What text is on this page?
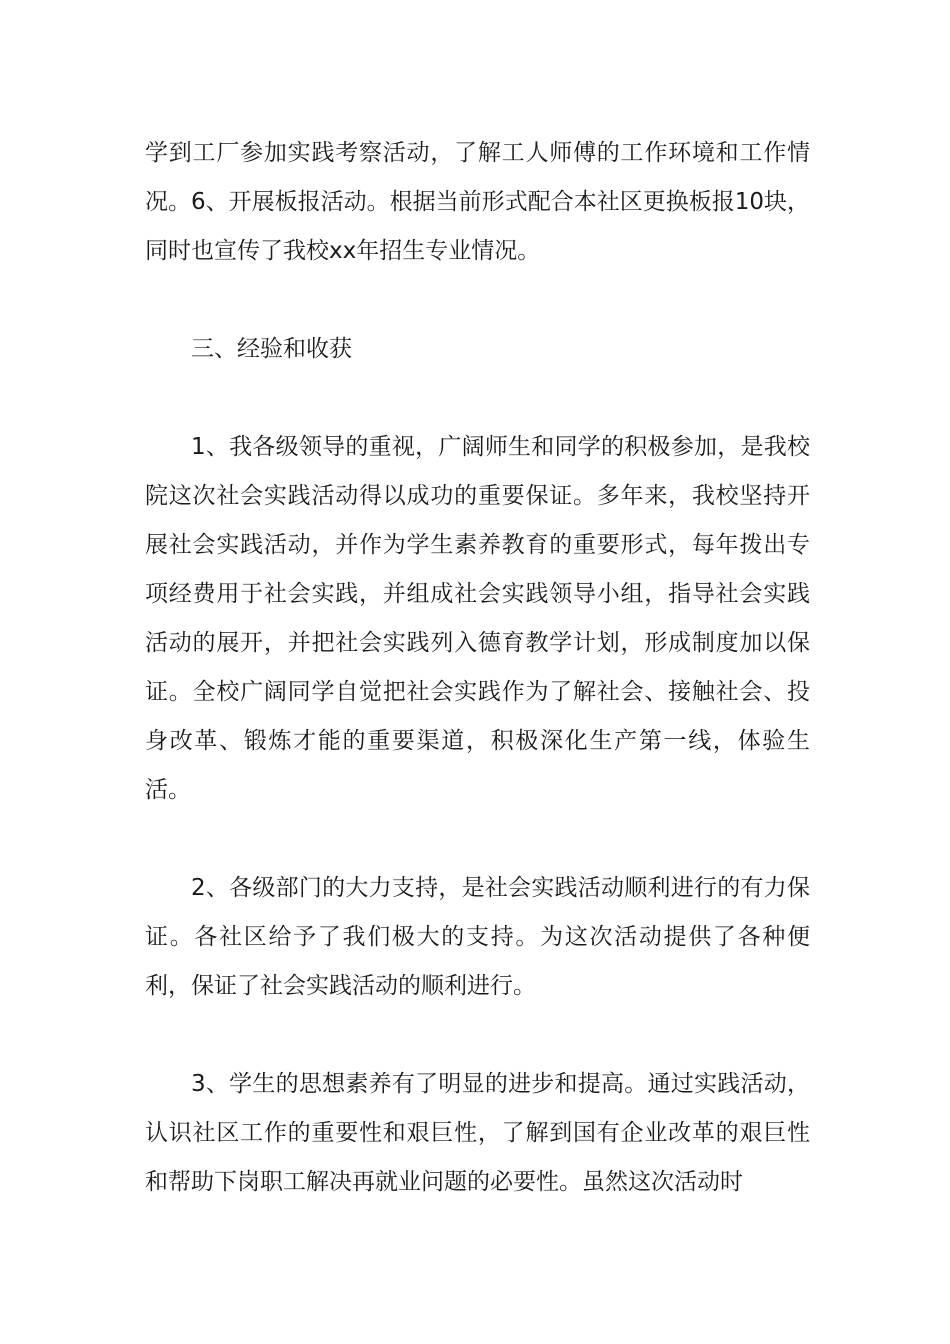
学到工厂参加实践考察活动，了解工人师傅的工作环境和工作情况。6、开展板报活动。根据当前形式配合本社区更换板报10块，同时也宣传了我校xx年招生专业情况。

三、经验和收获

1、我各级领导的重视，广阔师生和同学的积极参加，是我校院这次社会实践活动得以成功的重要保证。多年来，我校坚持开展社会实践活动，并作为学生素养教育的重要形式，每年拨出专项经费用于社会实践，并组成社会实践领导小组，指导社会实践活动的展开，并把社会实践列入德育教学计划，形成制度加以保证。全校广阔同学自觉把社会实践作为了解社会、接触社会、投身改革、锻炼才能的重要渠道，积极深化生产第一线，体验生活。

2、各级部门的大力支持，是社会实践活动顺利进行的有力保证。各社区给予了我们极大的支持。为这次活动提供了各种便利，保证了社会实践活动的顺利进行。

3、学生的思想素养有了明显的进步和提高。通过实践活动，认识社区工作的重要性和艰巨性，了解到国有企业改革的艰巨性和帮助下岗职工解决再就业问题的必要性。虽然这次活动时
